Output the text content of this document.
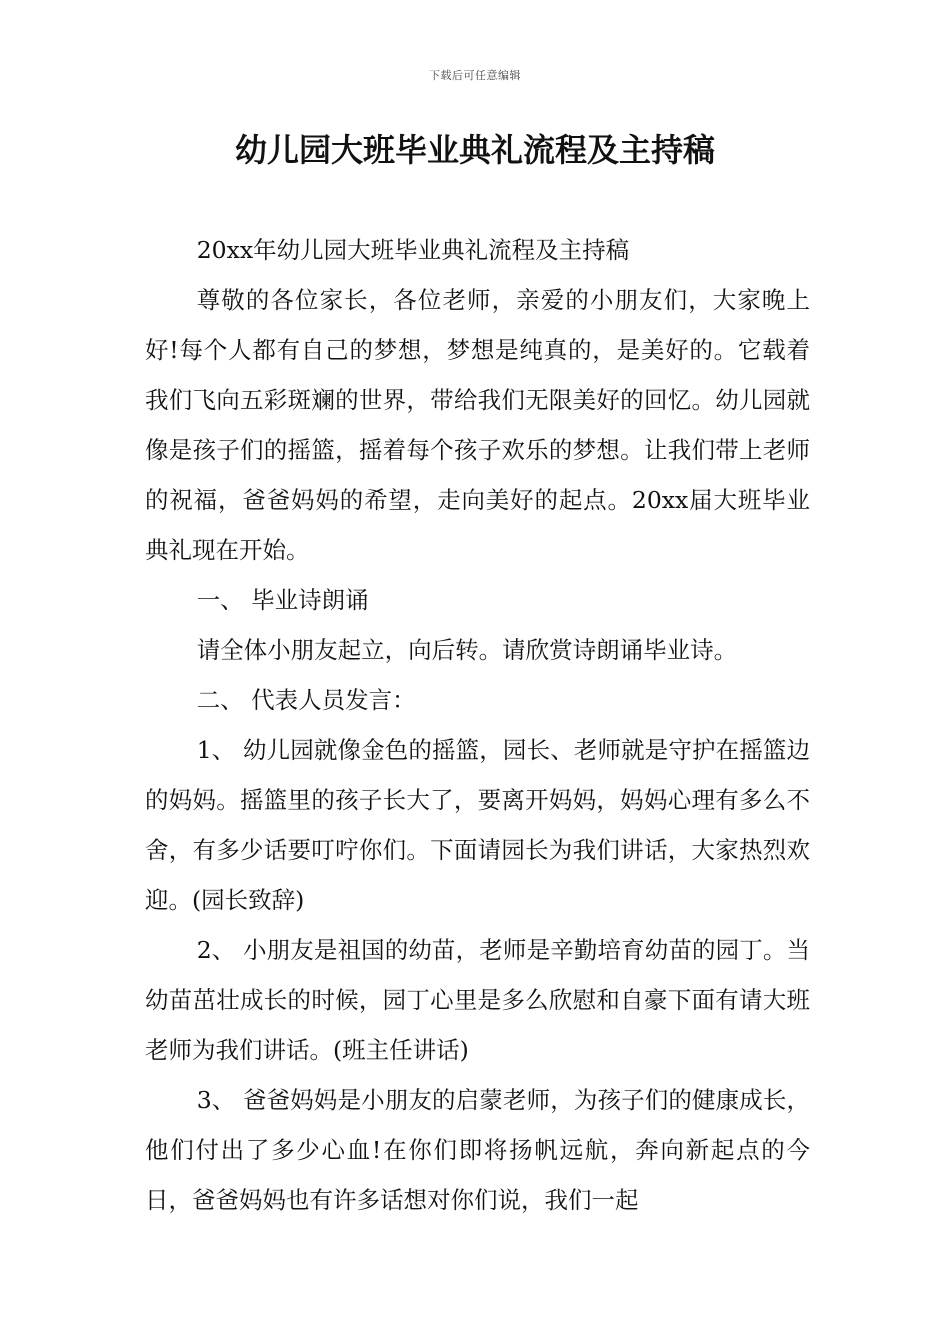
下载后可任意编辑
幼儿园大班毕业典礼流程及主持稿

20xx年幼儿园大班毕业典礼流程及主持稿

尊敬的各位家长，各位老师，亲爱的小朋友们，大家晚上好!每个人都有自己的梦想，梦想是纯真的，是美好的。它载着我们飞向五彩斑斓的世界，带给我们无限美好的回忆。幼儿园就像是孩子们的摇篮，摇着每个孩子欢乐的梦想。让我们带上老师的祝福，爸爸妈妈的希望，走向美好的起点。20xx届大班毕业典礼现在开始。

一、 毕业诗朗诵

请全体小朋友起立，向后转。请欣赏诗朗诵毕业诗。

二、 代表人员发言：

1、 幼儿园就像金色的摇篮，园长、老师就是守护在摇篮边的妈妈。摇篮里的孩子长大了，要离开妈妈，妈妈心理有多么不舍，有多少话要叮咛你们。下面请园长为我们讲话，大家热烈欢迎。(园长致辞)

2、 小朋友是祖国的幼苗，老师是辛勤培育幼苗的园丁。当幼苗茁壮成长的时候，园丁心里是多么欣慰和自豪下面有请大班老师为我们讲话。(班主任讲话)

3、 爸爸妈妈是小朋友的启蒙老师，为孩子们的健康成长，他们付出了多少心血!在你们即将扬帆远航，奔向新起点的今日，爸爸妈妈也有许多话想对你们说，我们一起
